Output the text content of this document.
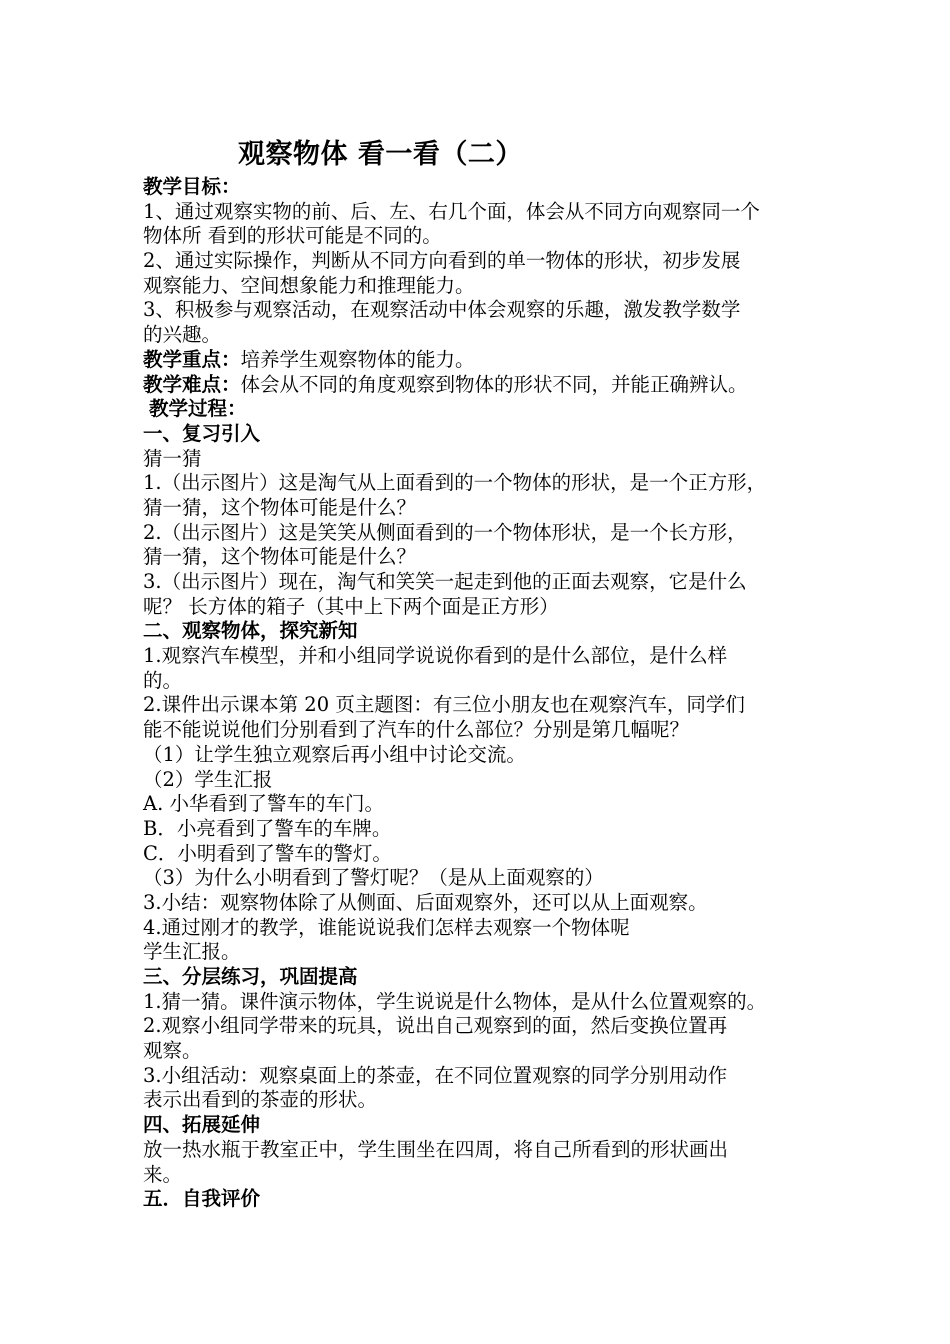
观察物体 看一看（二）
教学目标：
1、通过观察实物的前、后、左、右几个面，体会从不同方向观察同一个
物体所 看到的形状可能是不同的。
2、通过实际操作，判断从不同方向看到的单一物体的形状，初步发展
观察能力、空间想象能力和推理能力。
3、积极参与观察活动，在观察活动中体会观察的乐趣，激发教学数学
的兴趣。
教学重点：培养学生观察物体的能力。
教学难点：体会从不同的角度观察到物体的形状不同，并能正确辨认。
教学过程：
一、复习引入
猜一猜
1.（出示图片）这是淘气从上面看到的一个物体的形状，是一个正方形，
猜一猜，这个物体可能是什么？
2.（出示图片）这是笑笑从侧面看到的一个物体形状，是一个长方形，
猜一猜，这个物体可能是什么？
3.（出示图片）现在，淘气和笑笑一起走到他的正面去观察，它是什么
呢？ 长方体的箱子（其中上下两个面是正方形）
二、观察物体，探究新知
1.观察汽车模型，并和小组同学说说你看到的是什么部位，是什么样
的。
2.课件出示课本第 20 页主题图：有三位小朋友也在观察汽车，同学们
能不能说说他们分别看到了汽车的什么部位？分别是第几幅呢？
（1）让学生独立观察后再小组中讨论交流。
（2）学生汇报
A. 小华看到了警车的车门。
B．小亮看到了警车的车牌。
C．小明看到了警车的警灯。
（3）为什么小明看到了警灯呢？（是从上面观察的）
3.小结：观察物体除了从侧面、后面观察外，还可以从上面观察。
4.通过刚才的教学，谁能说说我们怎样去观察一个物体呢
学生汇报。
三、分层练习，巩固提高
1.猜一猜。课件演示物体，学生说说是什么物体，是从什么位置观察的。
2.观察小组同学带来的玩具，说出自己观察到的面，然后变换位置再
观察。
3.小组活动：观察桌面上的茶壶，在不同位置观察的同学分别用动作
表示出看到的茶壶的形状。
四、拓展延伸
放一热水瓶于教室正中，学生围坐在四周，将自己所看到的形状画出
来。
五．自我评价
